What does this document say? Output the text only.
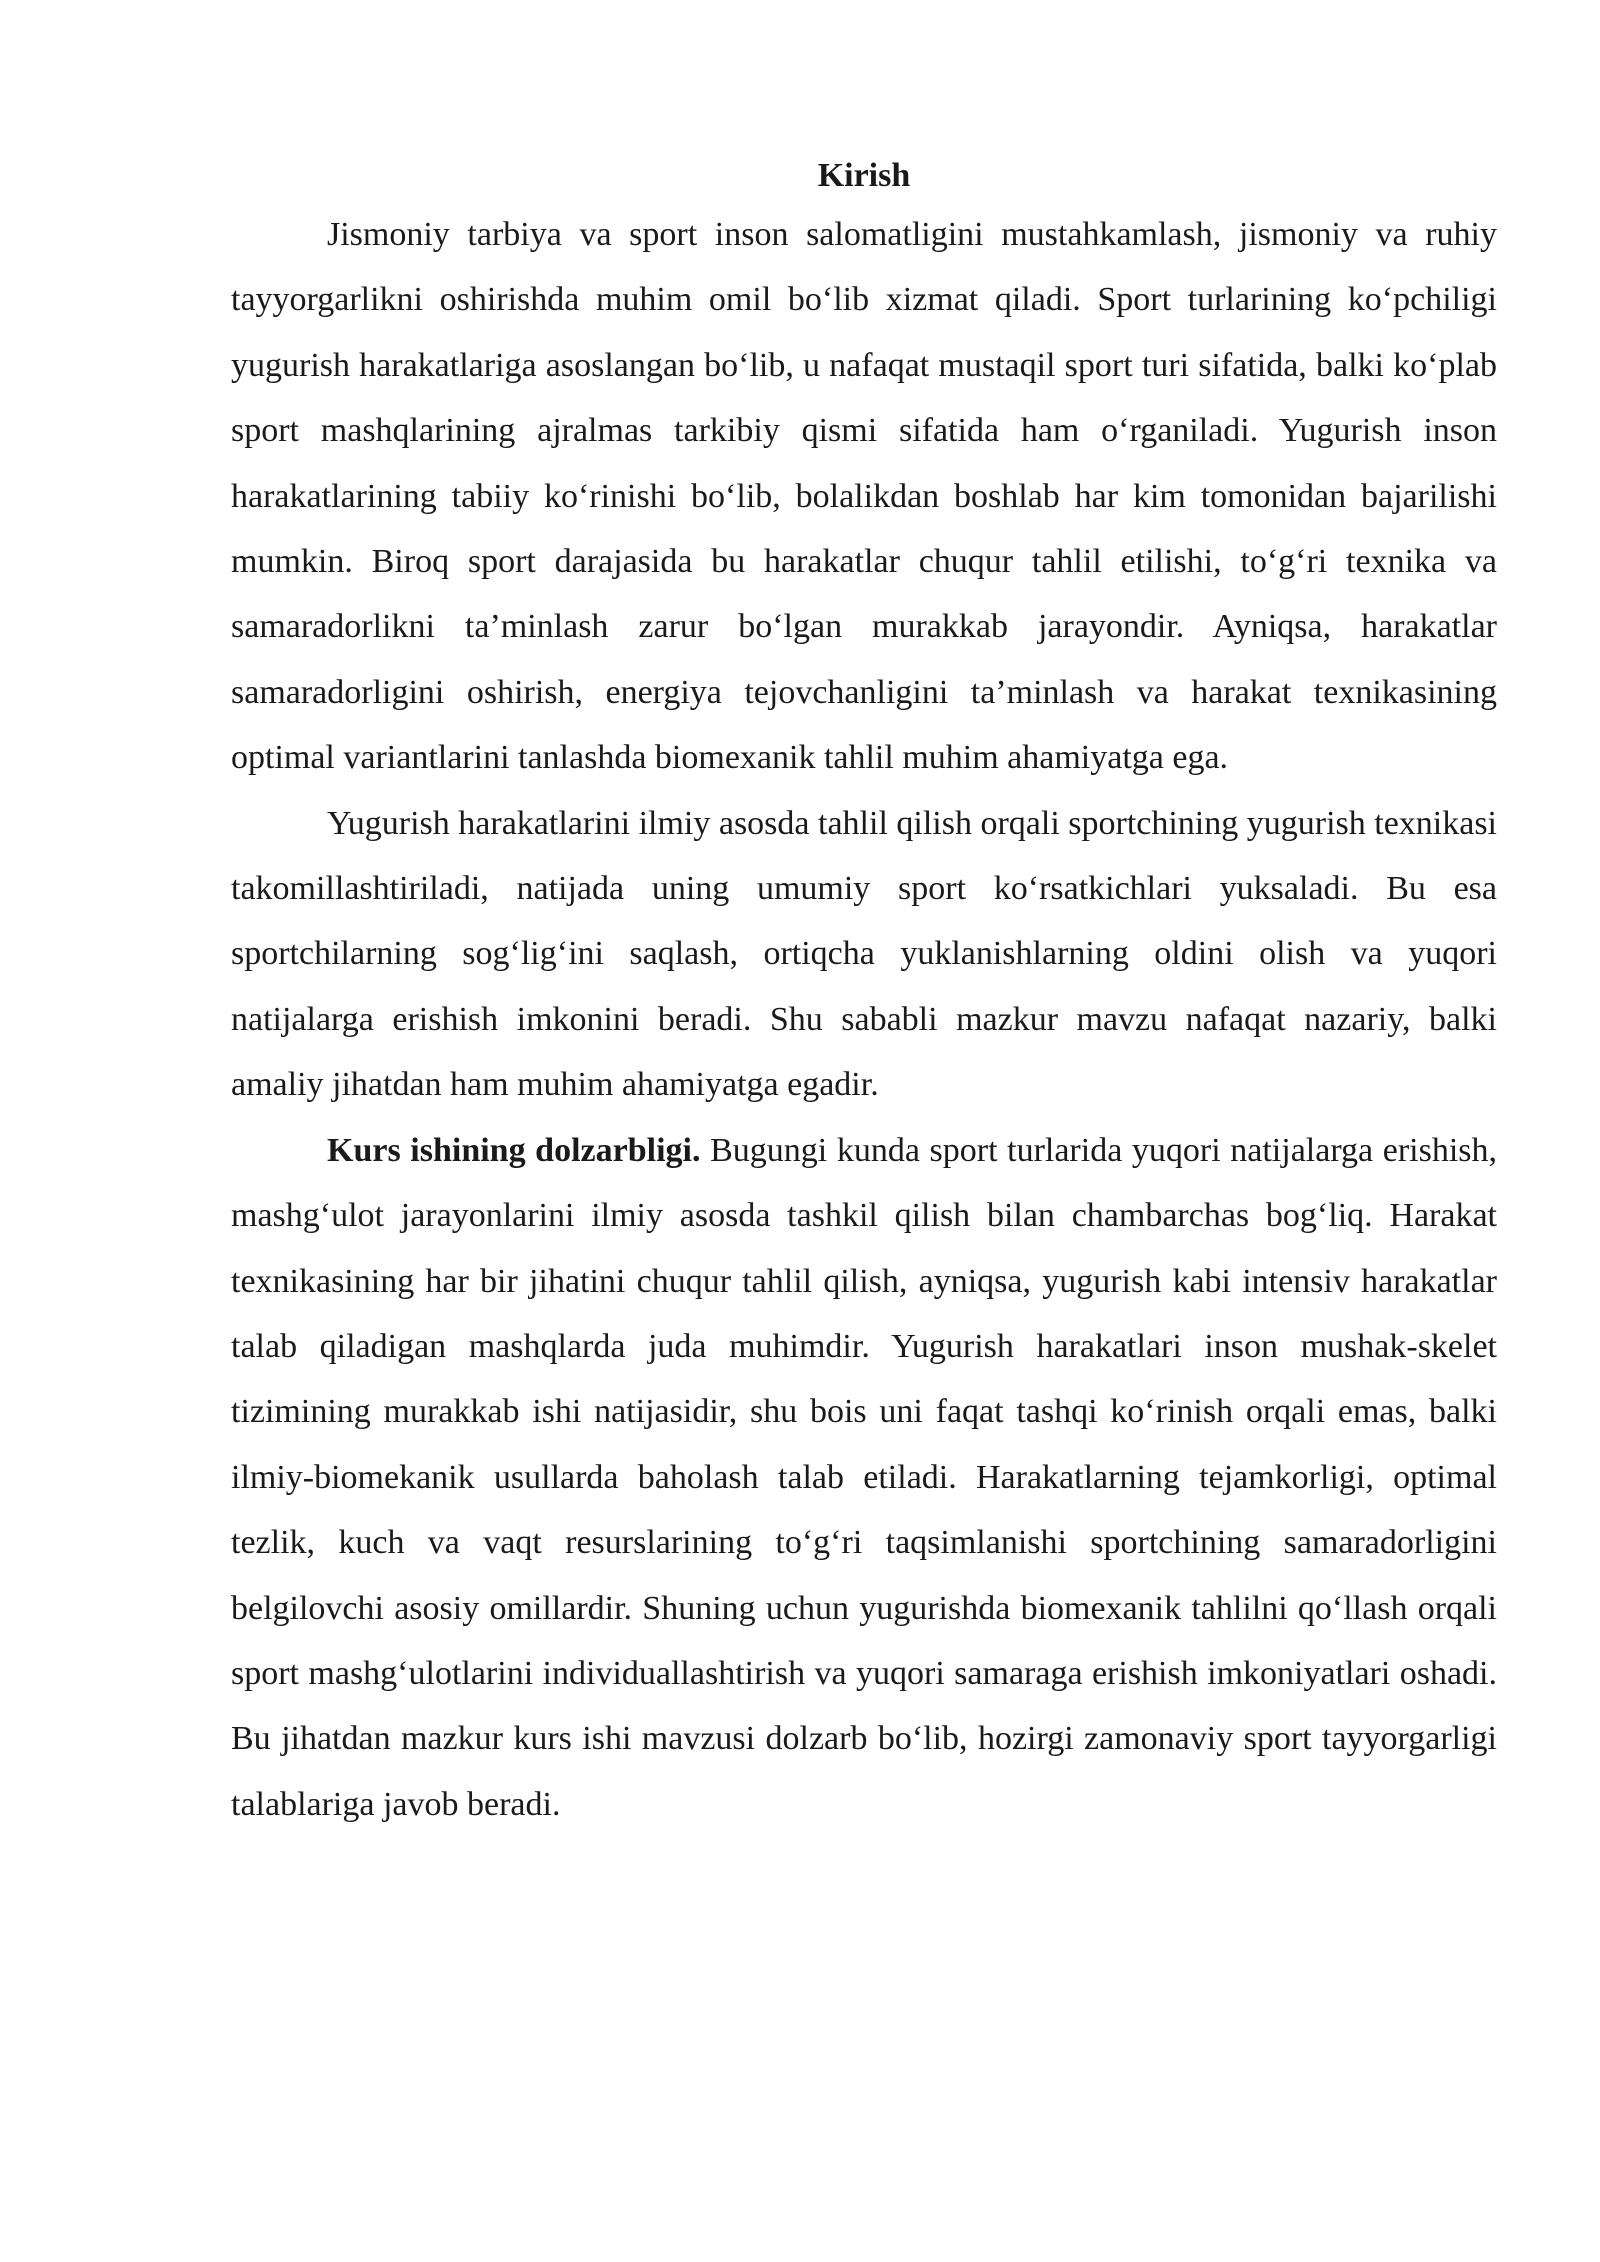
Kirish

Jismoniy tarbiya va sport inson salomatligini mustahkamlash, jismoniy va ruhiy tayyorgarlikni oshirishda muhim omil bo‘lib xizmat qiladi. Sport turlarining ko‘pchiligi yugurish harakatlariga asoslangan bo‘lib, u nafaqat mustaqil sport turi sifatida, balki ko‘plab sport mashqlarining ajralmas tarkibiy qismi sifatida ham o‘rganiladi. Yugurish inson harakatlarining tabiiy ko‘rinishi bo‘lib, bolalikdan boshlab har kim tomonidan bajarilishi mumkin. Biroq sport darajasida bu harakatlar chuqur tahlil etilishi, to‘g‘ri texnika va samaradorlikni ta’minlash zarur bo‘lgan murakkab jarayondir. Ayniqsa, harakatlar samaradorligini oshirish, energiya tejovchanligini ta’minlash va harakat texnikasining optimal variantlarini tanlashda biomexanik tahlil muhim ahamiyatga ega.

Yugurish harakatlarini ilmiy asosda tahlil qilish orqali sportchining yugurish texnikasi takomillashtiriladi, natijada uning umumiy sport ko‘rsatkichlari yuksaladi. Bu esa sportchilarning sog‘lig‘ini saqlash, ortiqcha yuklanishlarning oldini olish va yuqori natijalarga erishish imkonini beradi. Shu sababli mazkur mavzu nafaqat nazariy, balki amaliy jihatdan ham muhim ahamiyatga egadir.

Kurs ishining dolzarbligi. Bugungi kunda sport turlarida yuqori natijalarga erishish, mashg‘ulot jarayonlarini ilmiy asosda tashkil qilish bilan chambarchas bog‘liq. Harakat texnikasining har bir jihatini chuqur tahlil qilish, ayniqsa, yugurish kabi intensiv harakatlar talab qiladigan mashqlarda juda muhimdir. Yugurish harakatlari inson mushak-skelet tizimining murakkab ishi natijasidir, shu bois uni faqat tashqi ko‘rinish orqali emas, balki ilmiy-biomekanik usullarda baholash talab etiladi. Harakatlarning tejamkorligi, optimal tezlik, kuch va vaqt resurslarining to‘g‘ri taqsimlanishi sportchining samaradorligini belgilovchi asosiy omillardir. Shuning uchun yugurishda biomexanik tahlilni qo‘llash orqali sport mashg‘ulotlarini individuallashtirish va yuqori samaraga erishish imkoniyatlari oshadi. Bu jihatdan mazkur kurs ishi mavzusi dolzarb bo‘lib, hozirgi zamonaviy sport tayyorgarligi talablariga javob beradi.
